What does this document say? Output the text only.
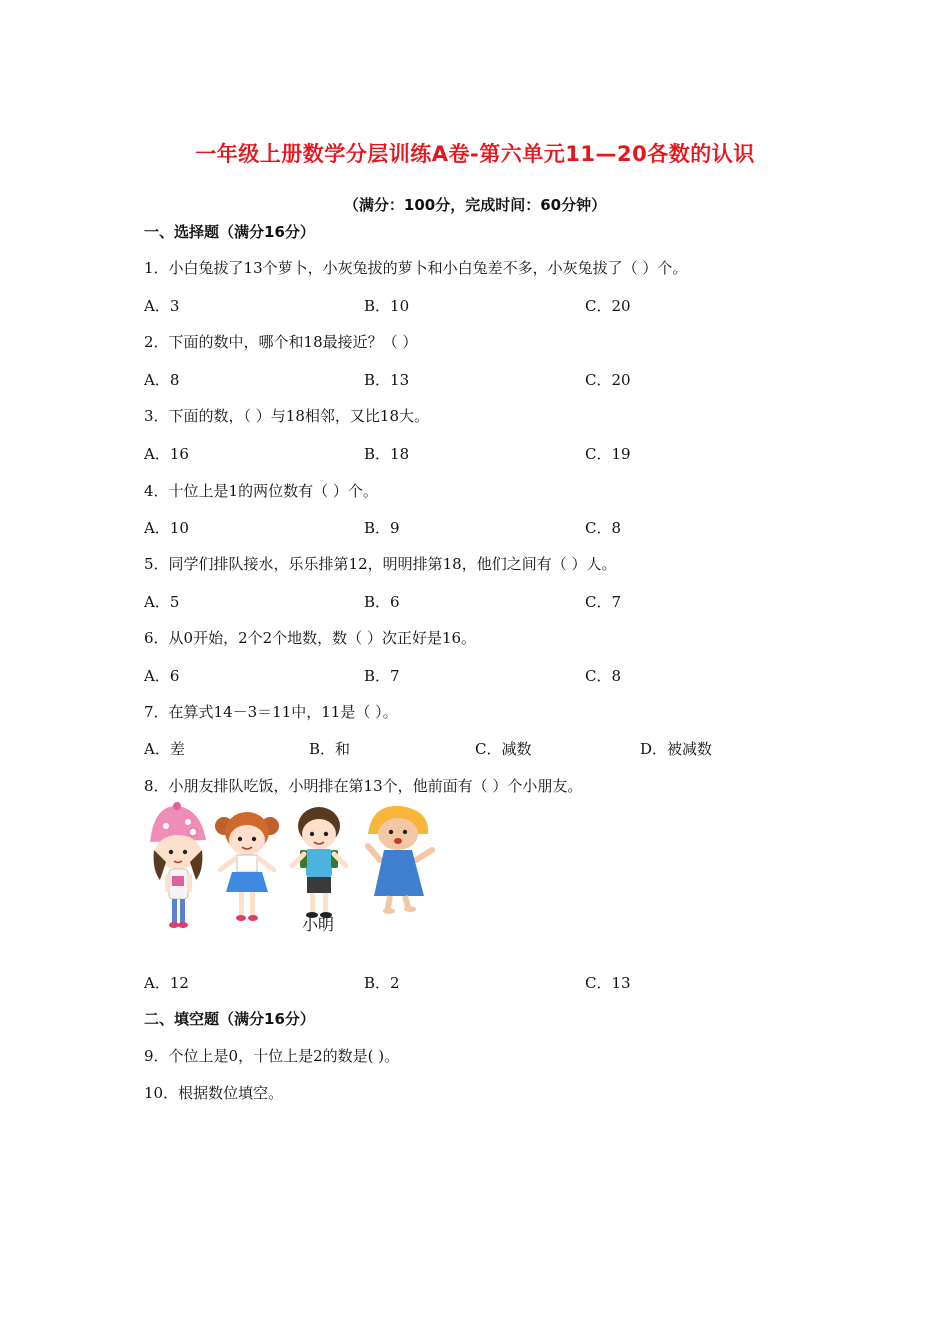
一年级上册数学分层训练A卷-第六单元11—20各数的认识
（满分：100分，完成时间：60分钟）
一、选择题（满分16分）
1．小白兔拔了13个萝卜，小灰兔拔的萝卜和小白兔差不多，小灰兔拔了（ ）个。
A．3	B．10	C．20
2．下面的数中，哪个和18最接近？（ ）
A．8	B．13	C．20
3．下面的数，（ ）与18相邻，又比18大。
A．16	B．18	C．19
4．十位上是1的两位数有（ ）个。
A．10	B．9	C．8
5．同学们排队接水，乐乐排第12，明明排第18，他们之间有（ ）人。
A．5	B．6	C．7
6．从0开始，2个2个地数，数（ ）次正好是16。
A．6	B．7	C．8
7．在算式14－3＝11中，11是（ ）。
A．差	B．和	C．减数	D．被减数
8．小朋友排队吃饭，小明排在第13个，他前面有（ ）个小朋友。
小明
A．12	B．2	C．13
二、填空题（满分16分）
9．个位上是0，十位上是2的数是( )。
10．根据数位填空。
